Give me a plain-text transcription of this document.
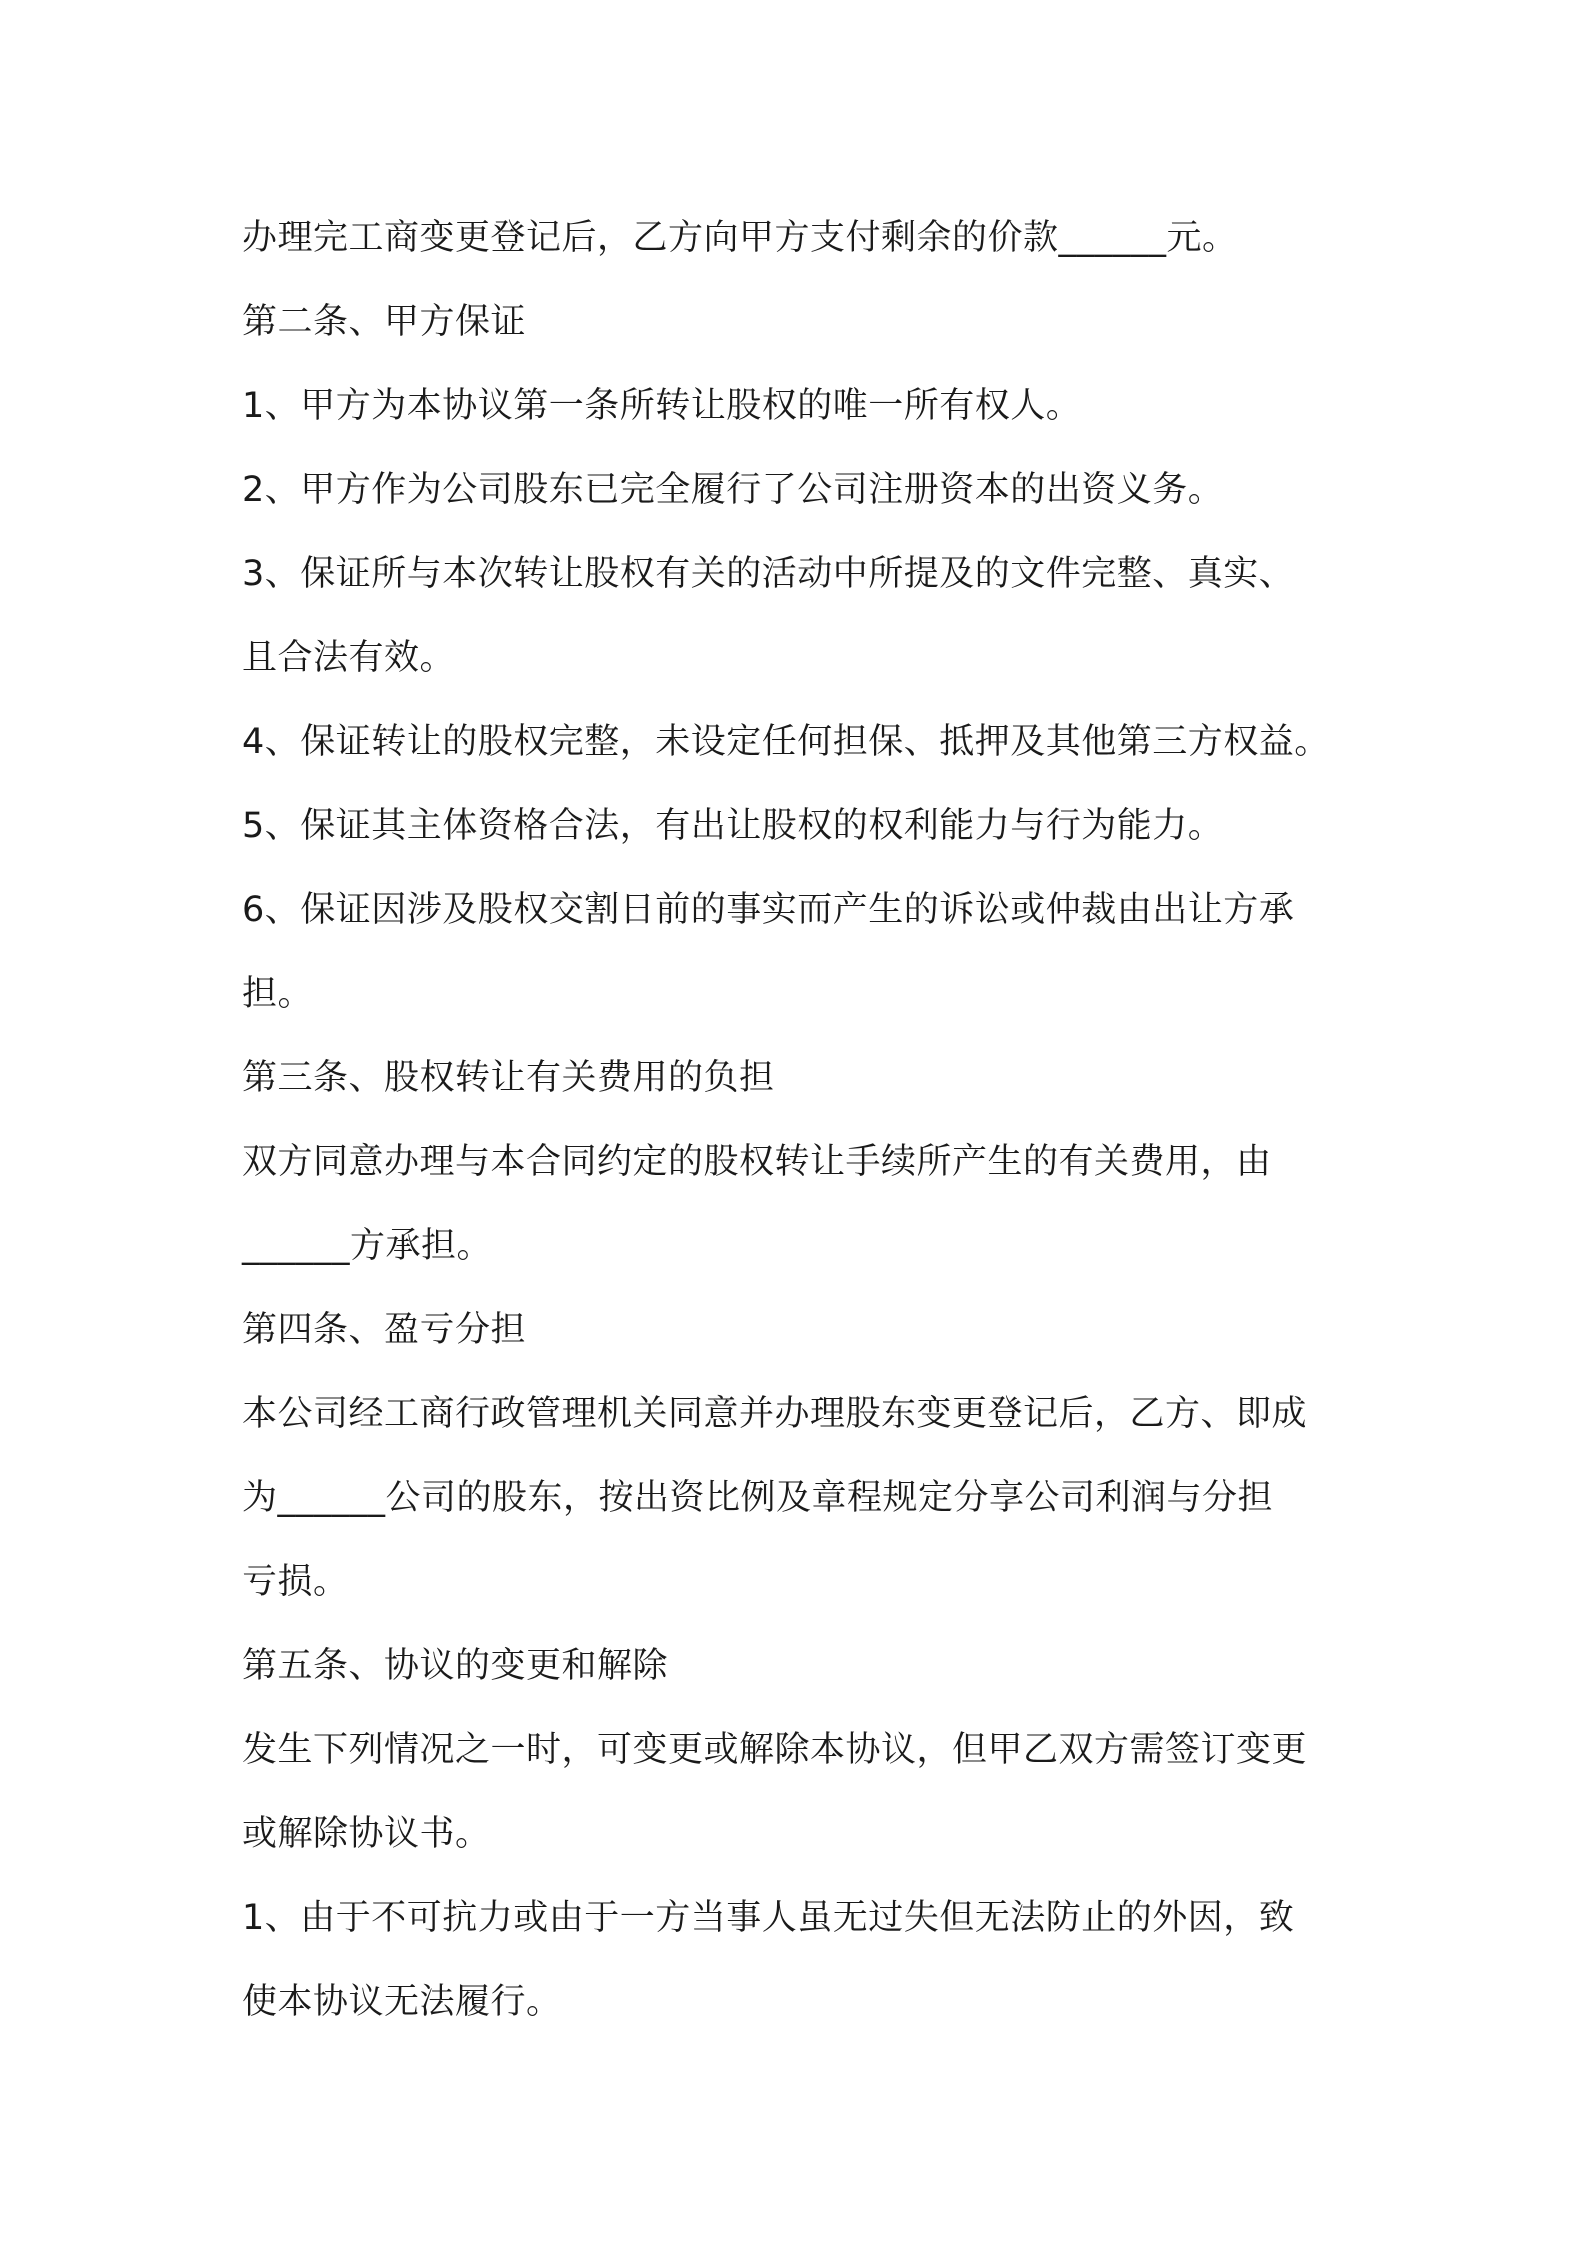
办理完工商变更登记后，乙方向甲方支付剩余的价款______元。
第二条、甲方保证
1、甲方为本协议第一条所转让股权的唯一所有权人。
2、甲方作为公司股东已完全履行了公司注册资本的出资义务。
3、保证所与本次转让股权有关的活动中所提及的文件完整、真实、
且合法有效。
4、保证转让的股权完整，未设定任何担保、抵押及其他第三方权益。
5、保证其主体资格合法，有出让股权的权利能力与行为能力。
6、保证因涉及股权交割日前的事实而产生的诉讼或仲裁由出让方承
担。
第三条、股权转让有关费用的负担
双方同意办理与本合同约定的股权转让手续所产生的有关费用，由
______方承担。
第四条、盈亏分担
本公司经工商行政管理机关同意并办理股东变更登记后，乙方、即成
为______公司的股东，按出资比例及章程规定分享公司利润与分担
亏损。
第五条、协议的变更和解除
发生下列情况之一时，可变更或解除本协议，但甲乙双方需签订变更
或解除协议书。
1、由于不可抗力或由于一方当事人虽无过失但无法防止的外因，致
使本协议无法履行。
